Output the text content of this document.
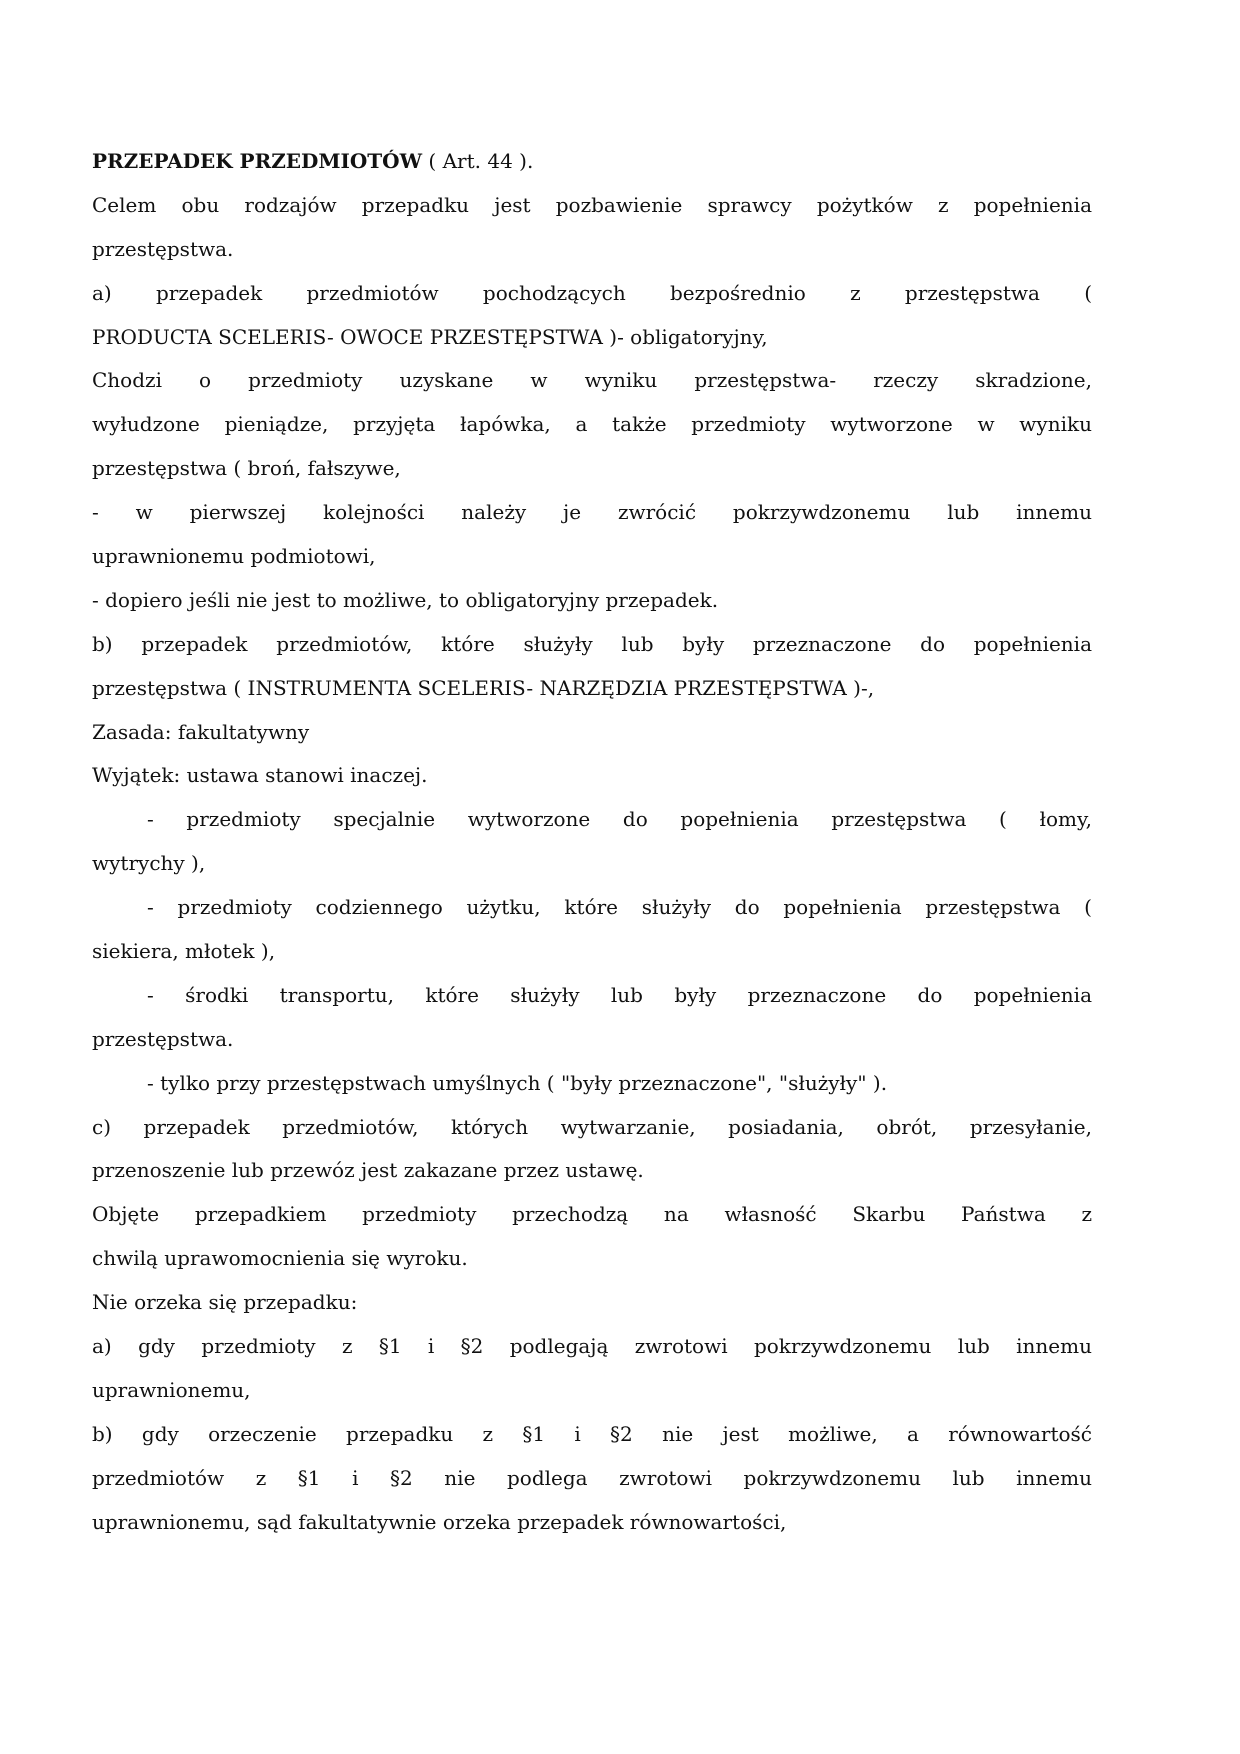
PRZEPADEK PRZEDMIOTÓW ( Art. 44 ).
Celem obu rodzajów przepadku jest pozbawienie sprawcy pożytków z popełnienia
przestępstwa.
a) przepadek przedmiotów pochodzących bezpośrednio z przestępstwa (
PRODUCTA SCELERIS- OWOCE PRZESTĘPSTWA )- obligatoryjny,
Chodzi o przedmioty uzyskane w wyniku przestępstwa- rzeczy skradzione,
wyłudzone pieniądze, przyjęta łapówka, a także przedmioty wytworzone w wyniku
przestępstwa ( broń, fałszywe,
- w pierwszej kolejności należy je zwrócić pokrzywdzonemu lub innemu
uprawnionemu podmiotowi,
- dopiero jeśli nie jest to możliwe, to obligatoryjny przepadek.
b) przepadek przedmiotów, które służyły lub były przeznaczone do popełnienia
przestępstwa ( INSTRUMENTA SCELERIS- NARZĘDZIA PRZESTĘPSTWA )-,
Zasada: fakultatywny
Wyjątek: ustawa stanowi inaczej.
- przedmioty specjalnie wytworzone do popełnienia przestępstwa ( łomy,
wytrychy ),
- przedmioty codziennego użytku, które służyły do popełnienia przestępstwa (
siekiera, młotek ),
- środki transportu, które służyły lub były przeznaczone do popełnienia
przestępstwa.
- tylko przy przestępstwach umyślnych ( "były przeznaczone", "służyły" ).
c) przepadek przedmiotów, których wytwarzanie, posiadania, obrót, przesyłanie,
przenoszenie lub przewóz jest zakazane przez ustawę.
Objęte przepadkiem przedmioty przechodzą na własność Skarbu Państwa z
chwilą uprawomocnienia się wyroku.
Nie orzeka się przepadku:
a) gdy przedmioty z §1 i §2 podlegają zwrotowi pokrzywdzonemu lub innemu
uprawnionemu,
b) gdy orzeczenie przepadku z §1 i §2 nie jest możliwe, a równowartość
przedmiotów z §1 i §2 nie podlega zwrotowi pokrzywdzonemu lub innemu
uprawnionemu, sąd fakultatywnie orzeka przepadek równowartości,
